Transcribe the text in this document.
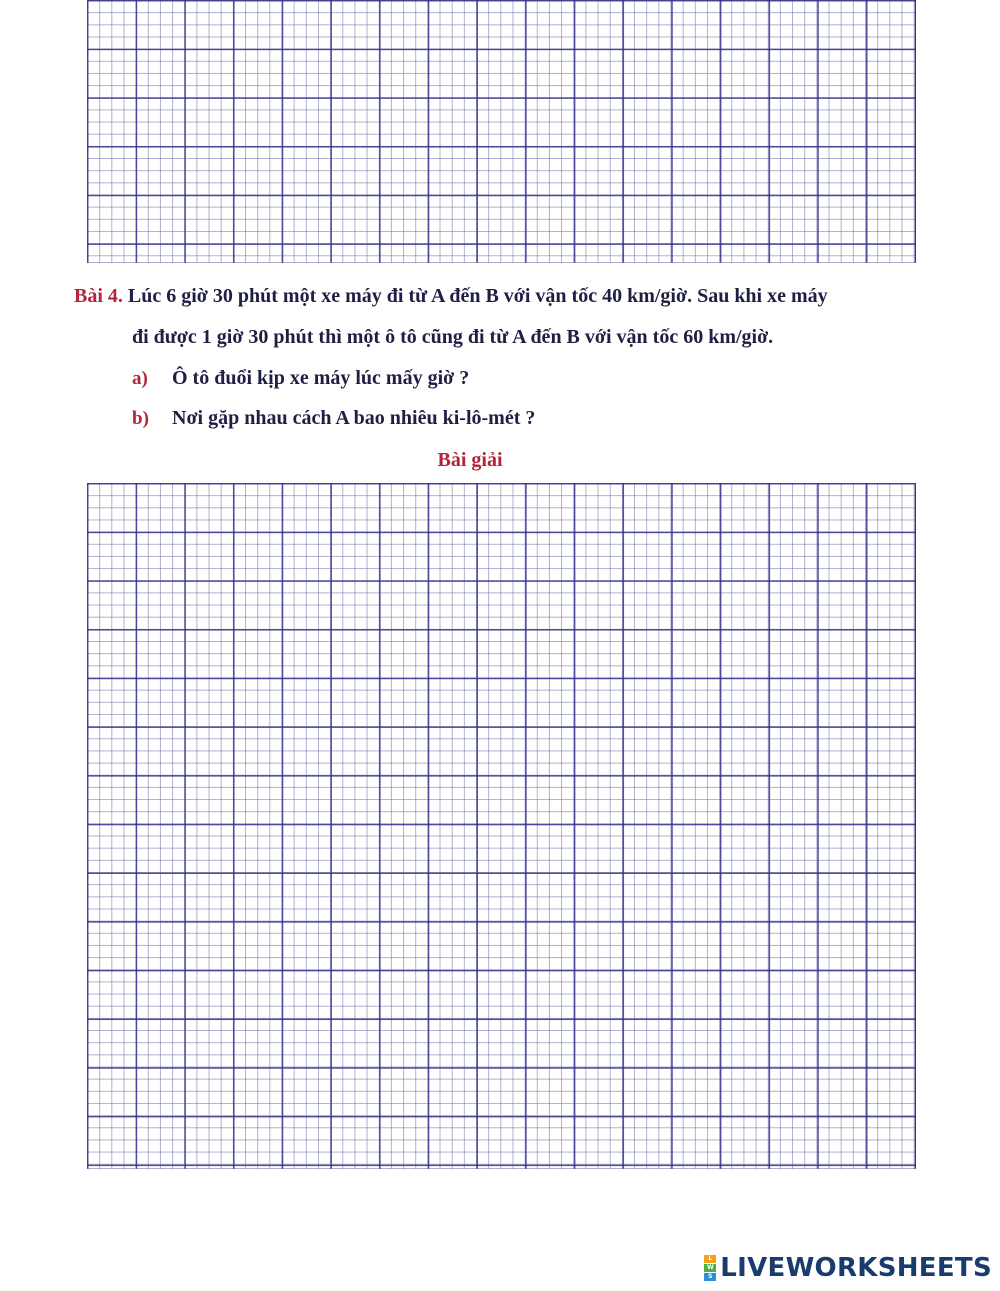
Bài 4. Lúc 6 giờ 30 phút một xe máy đi từ A đến B với vận tốc 40 km/giờ. Sau khi xe máy
đi được 1 giờ 30 phút thì một ô tô cũng đi từ A đến B với vận tốc 60 km/giờ.
a) Ô tô đuổi kịp xe máy lúc mấy giờ ?
b) Nơi gặp nhau cách A bao nhiêu ki-lô-mét ?
Bài giải
L
W
S LIVEWORKSHEETS
